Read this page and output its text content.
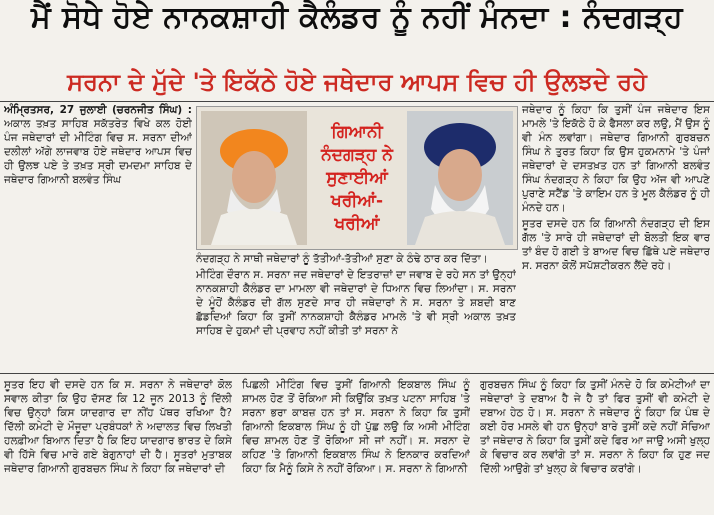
ਮੈਂ ਸੋਧੇ ਹੋਏ ਨਾਨਕਸ਼ਾਹੀ ਕੈਲੰਡਰ ਨੂੰ ਨਹੀਂ ਮੰਨਦਾ : ਨੰਦਗੜ੍ਹ
ਸਰਨਾ ਦੇ ਮੁੱਦੇ 'ਤੇ ਇਕੱਠੇ ਹੋਏ ਜਥੇਦਾਰ ਆਪਸ ਵਿਚ ਹੀ ਉਲਝਦੇ ਰਹੇ

ਅੰਮ੍ਰਿਤਸਰ, 27 ਜੁਲਾਈ (ਚਰਨਜੀਤ ਸਿੰਘ) : ਅਕਾਲ ਤਖ਼ਤ ਸਾਹਿਬ ਸਕੱਤਰੇਤ ਵਿਖੇ ਕਲ ਹੋਈ ਪੰਜ ਜਥੇਦਾਰਾਂ ਦੀ ਮੀਟਿੰਗ ਵਿਚ ਸ. ਸਰਨਾ ਦੀਆਂ ਦਲੀਲਾਂ ਅੱਗੇ ਲਾਜਵਾਬ ਹੋਏ ਜਥੇਦਾਰ ਆਪਸ ਵਿਚ ਹੀ ਉਲਝ ਪਏ ਤੇ ਤਖ਼ਤ ਸ੍ਰੀ ਦਮਦਮਾ ਸਾਹਿਬ ਦੇ ਜਥੇਦਾਰ ਗਿਆਨੀ ਬਲਵੰਤ ਸਿੰਘ

ਗਿਆਨੀ ਨੰਦਗੜ੍ਹ ਨੇ ਸੁਣਾਈਆਂ ਖਰੀਆਂ-ਖਰੀਆਂ

ਨੰਦਗੜ੍ਹ ਨੇ ਸਾਥੀ ਜਥੇਦਾਰਾਂ ਨੂੰ ਤੱਤੀਆਂ-ਤੱਤੀਆਂ ਸੁਣਾ ਕੇ ਠੰਢੇ ਠਾਰ ਕਰ ਦਿੱਤਾ।

ਮੀਟਿੰਗ ਦੌਰਾਨ ਸ. ਸਰਨਾ ਜਦ ਜਥੇਦਾਰਾਂ ਦੇ ਇਤਰਾਜ਼ਾਂ ਦਾ ਜਵਾਬ ਦੇ ਰਹੇ ਸਨ ਤਾਂ ਉਨ੍ਹਾਂ ਨਾਨਕਸ਼ਾਹੀ ਕੈਲੰਡਰ ਦਾ ਮਾਮਲਾ ਵੀ ਜਥੇਦਾਰਾਂ ਦੇ ਧਿਆਨ ਵਿਚ ਲਿਆਂਦਾ। ਸ. ਸਰਨਾ ਦੇ ਮੂੰਹੋਂ ਕੈਲੰਡਰ ਦੀ ਗੱਲ ਸੁਣਦੇ ਸਾਰ ਹੀ ਜਥੇਦਾਰਾਂ ਨੇ ਸ. ਸਰਨਾ ਤੇ ਸ਼ਬਦੀ ਬਾਣ ਛੱਡਦਿਆਂ ਕਿਹਾ ਕਿ ਤੁਸੀਂ ਨਾਨਕਸ਼ਾਹੀ ਕੈਲੰਡਰ ਮਾਮਲੇ 'ਤੇ ਵੀ ਸ੍ਰੀ ਅਕਾਲ ਤਖ਼ਤ ਸਾਹਿਬ ਦੇ ਹੁਕਮਾਂ ਦੀ ਪ੍ਰਵਾਹ ਨਹੀਂ ਕੀਤੀ ਤਾਂ ਸਰਨਾ ਨੇ

ਜਥੇਦਾਰ ਨੂੰ ਕਿਹਾ ਕਿ ਤੁਸੀਂ ਪੰਜ ਜਥੇਦਾਰ ਇਸ ਮਾਮਲੇ 'ਤੇ ਇਕੱਠੇ ਹੋ ਕੇ ਫੈਸਲਾ ਕਰ ਲਉ, ਮੈਂ ਉਸ ਨੂੰ ਵੀ ਮੰਨ ਲਵਾਂਗਾ। ਜਥੇਦਾਰ ਗਿਆਨੀ ਗੁਰਬਚਨ ਸਿੰਘ ਨੇ ਤੁਰਤ ਕਿਹਾ ਕਿ ਉਸ ਹੁਕਮਨਾਮੇ 'ਤੇ ਪੰਜਾਂ ਜਥੇਦਾਰਾਂ ਦੇ ਦਸਤਖ਼ਤ ਹਨ ਤਾਂ ਗਿਆਨੀ ਬਲਵੰਤ ਸਿੰਘ ਨੰਦਗੜ੍ਹ ਨੇ ਕਿਹਾ ਕਿ ਉਹ ਅੱਜ ਵੀ ਆਪਣੇ ਪੁਰਾਣੇ ਸਟੈਂਡ 'ਤੇ ਕਾਇਮ ਹਨ ਤੇ ਮੂਲ ਕੈਲੰਡਰ ਨੂੰ ਹੀ ਮੰਨਦੇ ਹਨ।

ਸੂਤਰ ਦਸਦੇ ਹਨ ਕਿ ਗਿਆਨੀ ਨੰਦਗੜ੍ਹ ਦੀ ਇਸ ਗੱਲ 'ਤੇ ਸਾਰੇ ਹੀ ਜਥੇਦਾਰਾਂ ਦੀ ਬੋਲਤੀ ਇਕ ਵਾਰ ਤਾਂ ਬੰਦ ਹੋ ਗਈ ਤੇ ਬਾਅਦ ਵਿਚ ਛਿੱਥੇ ਪਏ ਜਥੇਦਾਰ ਸ. ਸਰਨਾ ਕੋਲੋਂ ਸਪੱਸ਼ਟੀਕਰਨ ਲੈਂਦੇ ਰਹੇ।

ਸੂਤਰ ਇਹ ਵੀ ਦਸਦੇ ਹਨ ਕਿ ਸ. ਸਰਨਾ ਨੇ ਜਥੇਦਾਰਾਂ ਕੋਲ ਸਵਾਲ ਕੀਤਾ ਕਿ ਉਹ ਦੱਸਣ ਕਿ 12 ਜੂਨ 2013 ਨੂੰ ਦਿੱਲੀ ਵਿਚ ਉਨ੍ਹਾਂ ਕਿਸ ਯਾਦਗਾਰ ਦਾ ਨੀਂਹ ਪੱਥਰ ਰਖਿਆ ਹੈ? ਦਿੱਲੀ ਕਮੇਟੀ ਦੇ ਮੌਜੂਦਾ ਪ੍ਰਬੰਧਕਾਂ ਨੇ ਅਦਾਲਤ ਵਿਚ ਲਿਖਤੀ ਹਲਫ਼ੀਆ ਬਿਆਨ ਦਿਤਾ ਹੈ ਕਿ ਇਹ ਯਾਦਗਾਰ ਭਾਰਤ ਦੇ ਕਿਸੇ ਵੀ ਹਿੱਸੇ ਵਿਚ ਮਾਰੇ ਗਏ ਬੇਗੁਨਾਹਾਂ ਦੀ ਹੈ। ਸੂਤਰਾਂ ਮੁਤਾਬਕ ਜਥੇਦਾਰ ਗਿਆਨੀ ਗੁਰਬਚਨ ਸਿੰਘ ਨੇ ਕਿਹਾ ਕਿ ਜਥੇਦਾਰਾਂ ਦੀ
ਪਿਛਲੀ ਮੀਟਿੰਗ ਵਿਚ ਤੁਸੀਂ ਗਿਆਨੀ ਇਕਬਾਲ ਸਿੰਘ ਨੂੰ ਸ਼ਾਮਲ ਹੋਣ ਤੋਂ ਰੋਕਿਆ ਸੀ ਕਿਉਂਕਿ ਤਖ਼ਤ ਪਟਨਾ ਸਾਹਿਬ 'ਤੇ ਸਰਨਾ ਭਰਾ ਕਾਬਜ਼ ਹਨ ਤਾਂ ਸ. ਸਰਨਾ ਨੇ ਕਿਹਾ ਕਿ ਤੁਸੀਂ ਗਿਆਨੀ ਇਕਬਾਲ ਸਿੰਘ ਨੂੰ ਹੀ ਪੁੱਛ ਲਉ ਕਿ ਅਸੀ ਮੀਟਿੰਗ ਵਿਚ ਸ਼ਾਮਲ ਹੋਣ ਤੋਂ ਰੋਕਿਆ ਸੀ ਜਾਂ ਨਹੀਂ। ਸ. ਸਰਨਾ ਦੇ ਕਹਿਣ 'ਤੇ ਗਿਆਨੀ ਇਕਬਾਲ ਸਿੰਘ ਨੇ ਇਨਕਾਰ ਕਰਦਿਆਂ ਕਿਹਾ ਕਿ ਮੈਨੂੰ ਕਿਸੇ ਨੇ ਨਹੀਂ ਰੋਕਿਆ। ਸ. ਸਰਨਾ ਨੇ ਗਿਆਨੀ
ਗੁਰਬਚਨ ਸਿੰਘ ਨੂੰ ਕਿਹਾ ਕਿ ਤੁਸੀਂ ਮੰਨਦੇ ਹੋ ਕਿ ਕਮੇਟੀਆਂ ਦਾ ਜਥੇਦਾਰਾਂ ਤੇ ਦਬਾਅ ਹੈ ਜੇ ਹੈ ਤਾਂ ਫਿਰ ਤੁਸੀਂ ਵੀ ਕਮੇਟੀ ਦੇ ਦਬਾਅ ਹੇਠ ਹੋ। ਸ. ਸਰਨਾ ਨੇ ਜਥੇਦਾਰ ਨੂੰ ਕਿਹਾ ਕਿ ਪੰਥ ਦੇ ਕਈ ਹੋਰ ਮਸਲੇ ਵੀ ਹਨ ਉਨ੍ਹਾਂ ਬਾਰੇ ਤੁਸੀਂ ਕਦੇ ਨਹੀਂ ਸੋਚਿਆ ਤਾਂ ਜਥੇਦਾਰ ਨੇ ਕਿਹਾ ਕਿ ਤੁਸੀਂ ਕਦੇ ਫਿਰ ਆ ਜਾਉ ਅਸੀ ਖੁਲ੍ਹ ਕੇ ਵਿਚਾਰ ਕਰ ਲਵਾਂਗੇ ਤਾਂ ਸ. ਸਰਨਾ ਨੇ ਕਿਹਾ ਕਿ ਹੁਣ ਜਦ ਦਿੱਲੀ ਆਉਗੇ ਤਾਂ ਖੁਲ੍ਹ ਕੇ ਵਿਚਾਰ ਕਰਾਂਗੇ।
